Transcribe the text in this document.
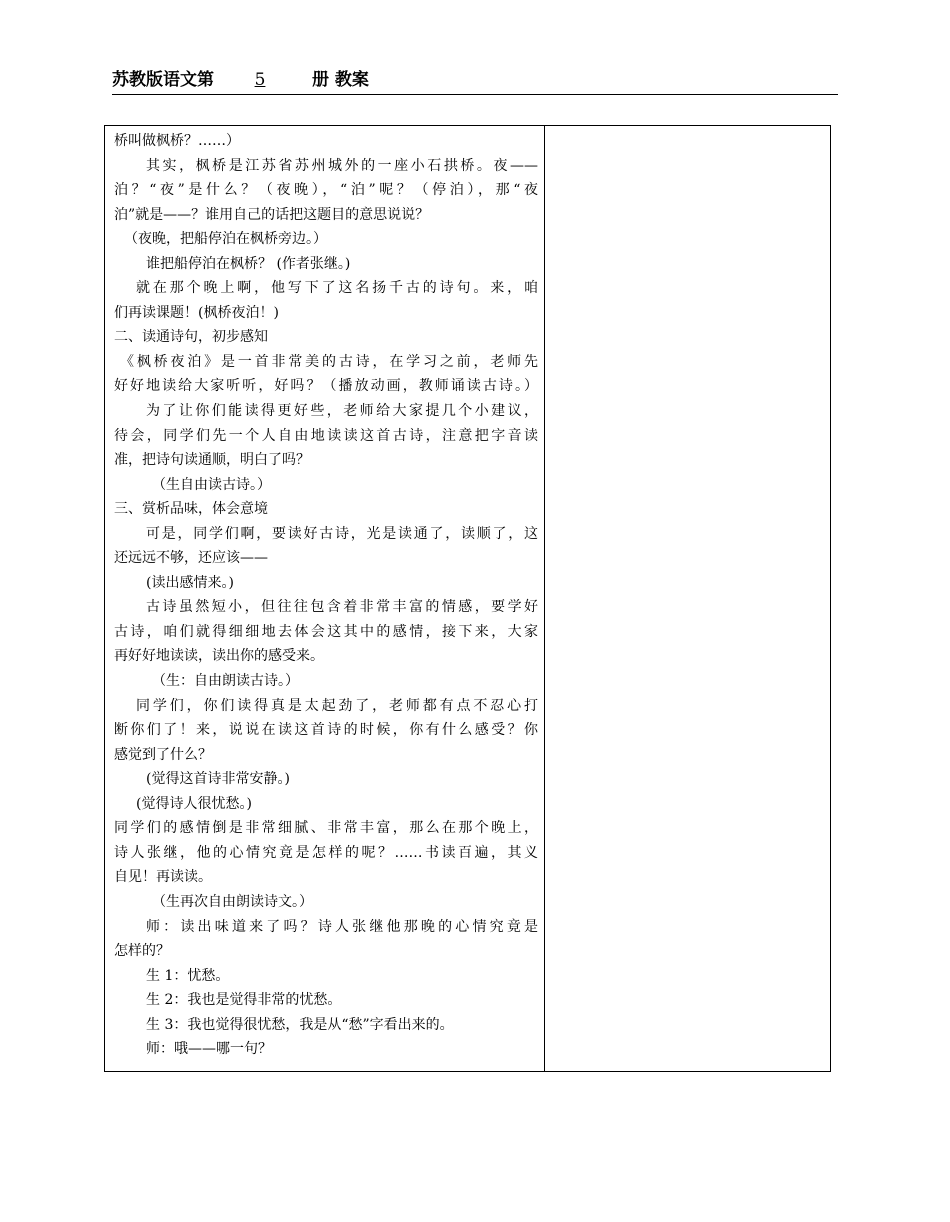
苏教版语文第 5	册 教案
桥叫做枫桥？……）
其实，枫桥是江苏省苏州城外的一座小石拱桥。夜——
泊？“夜”是什么？（夜晚），“泊”呢？（停泊），那“夜
泊”就是——？谁用自己的话把这题目的意思说说？
（夜晚，把船停泊在枫桥旁边。）
谁把船停泊在枫桥？ (作者张继。)
就在那个晚上啊，他写下了这名扬千古的诗句。来，咱
们再读课题！(枫桥夜泊！)
二、读通诗句，初步感知
《枫桥夜泊》是一首非常美的古诗，在学习之前，老师先
好好地读给大家听听，好吗？（播放动画，教师诵读古诗。）
为了让你们能读得更好些，老师给大家提几个小建议，
待会，同学们先一个人自由地读读这首古诗，注意把字音读
准，把诗句读通顺，明白了吗？
（生自由读古诗。）
三、赏析品味，体会意境
可是，同学们啊，要读好古诗，光是读通了，读顺了，这
还远远不够，还应该——
(读出感情来。)
古诗虽然短小，但往往包含着非常丰富的情感，要学好
古诗，咱们就得细细地去体会这其中的感情，接下来，大家
再好好地读读，读出你的感受来。
（生：自由朗读古诗。）
同学们，你们读得真是太起劲了，老师都有点不忍心打
断你们了！来，说说在读这首诗的时候，你有什么感受？你
感觉到了什么？
(觉得这首诗非常安静。)
(觉得诗人很忧愁。)
同学们的感情倒是非常细腻、非常丰富，那么在那个晚上，
诗人张继，他的心情究竟是怎样的呢？……书读百遍，其义
自见！再读读。
（生再次自由朗读诗文。）
师：读出味道来了吗？诗人张继他那晚的心情究竟是
怎样的？
生 1：忧愁。
生 2：我也是觉得非常的忧愁。
生 3：我也觉得很忧愁，我是从“愁”字看出来的。
师：哦——哪一句？
